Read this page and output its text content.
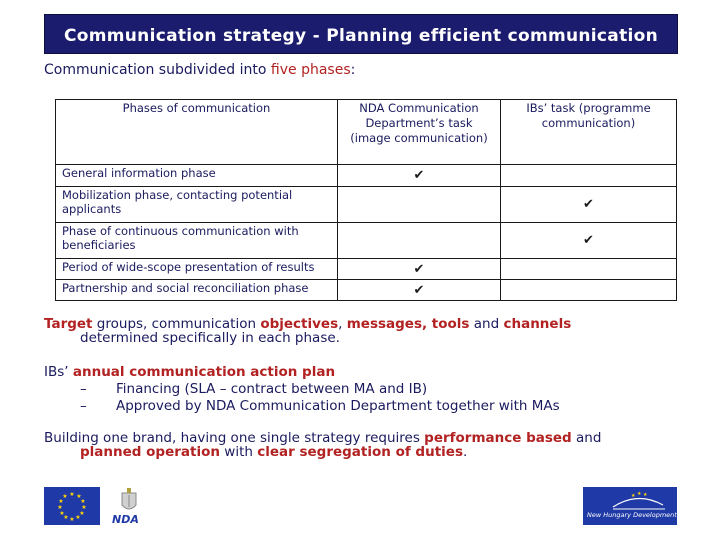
Communication strategy - Planning efficient communication
Communication subdivided into five phases:
Phases of communication	NDA Communication Department’s task (image communication)	IBs’ task (programme communication)
General information phase	✔	
Mobilization phase, contacting potential applicants		✔
Phase of continuous communication with beneficiaries		✔
Period of wide-scope presentation of results	✔	
Partnership and social reconciliation phase	✔	
Target groups, communication objectives, messages, tools and channels
determined specifically in each phase.
IBs’ annual communication action plan
– Financing (SLA – contract between MA and IB)
– Approved by NDA Communication Department together with MAs
Building one brand, having one single strategy requires performance based and
planned operation with clear segregation of duties.
★ ★
★
★
★
★
★
★
★
★
★
★
NDA
★ ★ ★
New Hungary Development Plan
